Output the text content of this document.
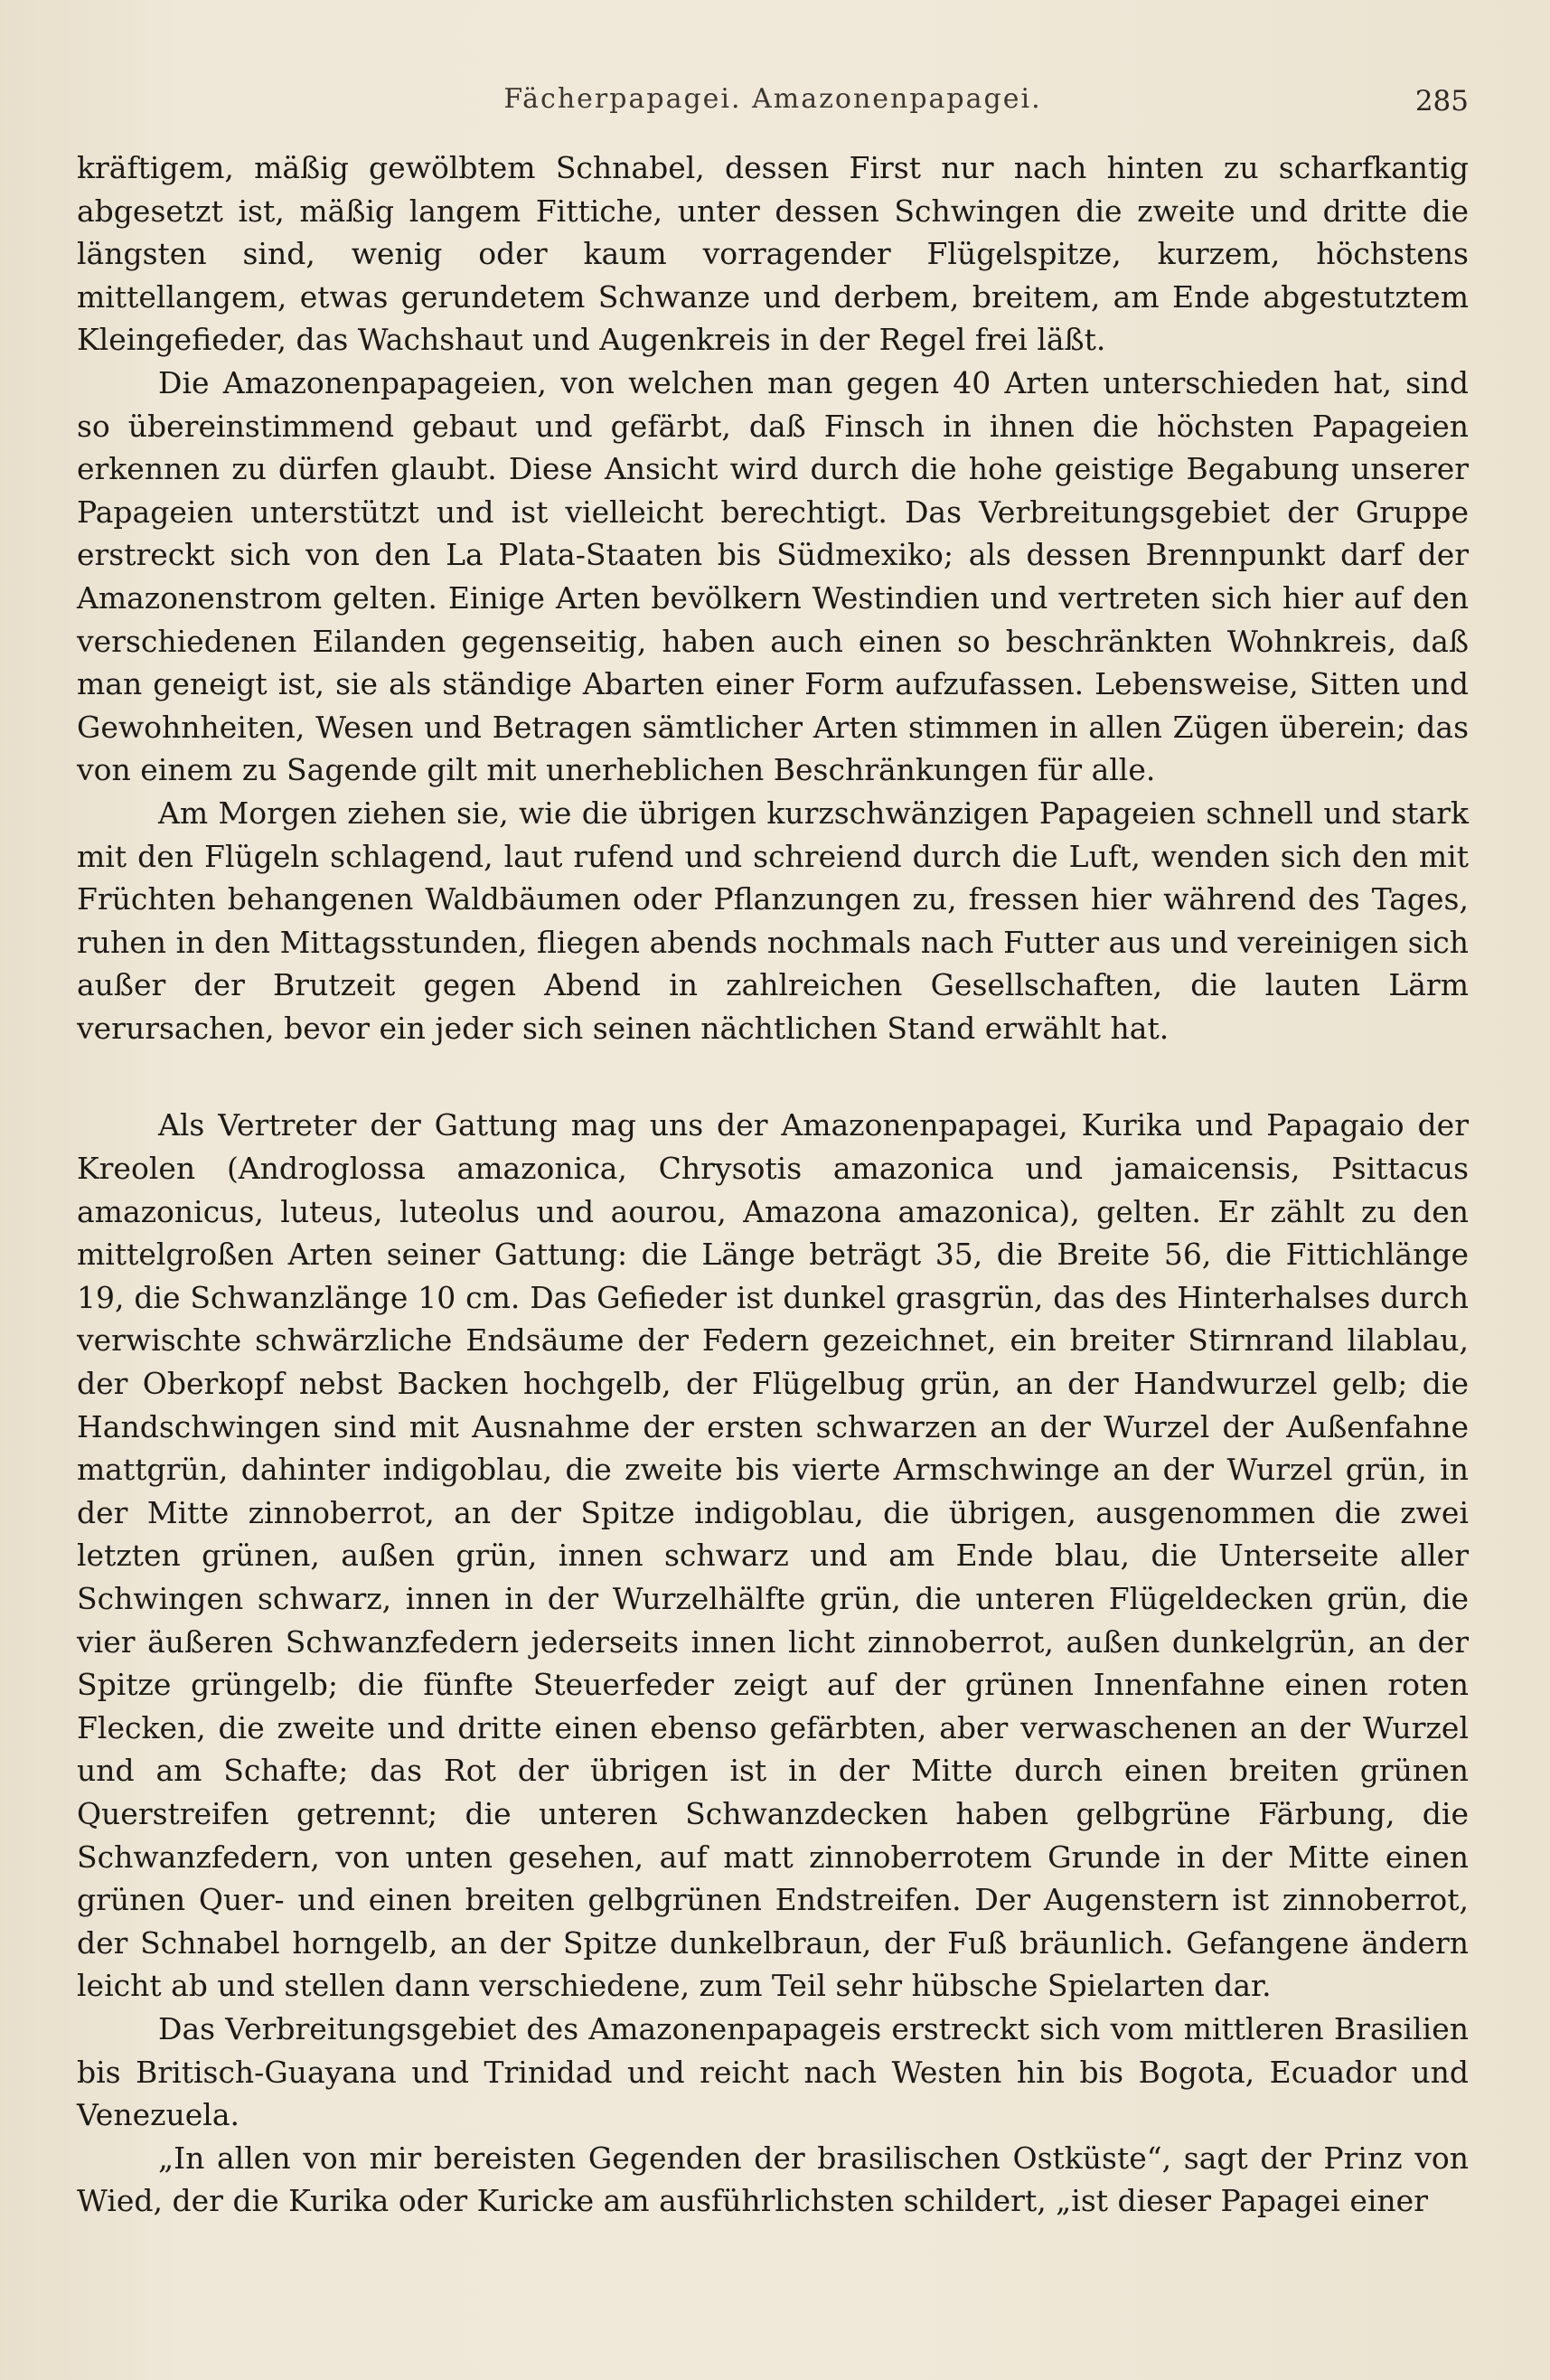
Fächerpapagei. Amazonenpapagei.	285

kräftigem, mäßig gewölbtem Schnabel, dessen First nur nach hinten zu scharfkantig abgesetzt ist, mäßig langem Fittiche, unter dessen Schwingen die zweite und dritte die längsten sind, wenig oder kaum vorragender Flügelspitze, kurzem, höchstens mittellangem, etwas gerundetem Schwanze und derbem, breitem, am Ende abgestutztem Kleingefieder, das Wachshaut und Augenkreis in der Regel frei läßt.

Die Amazonenpapageien, von welchen man gegen 40 Arten unterschieden hat, sind so übereinstimmend gebaut und gefärbt, daß Finsch in ihnen die höchsten Papageien erkennen zu dürfen glaubt. Diese Ansicht wird durch die hohe geistige Begabung unserer Papageien unterstützt und ist vielleicht berechtigt. Das Verbreitungsgebiet der Gruppe erstreckt sich von den La Plata-Staaten bis Südmexiko; als dessen Brennpunkt darf der Amazonenstrom gelten. Einige Arten bevölkern Westindien und vertreten sich hier auf den verschiedenen Eilanden gegenseitig, haben auch einen so beschränkten Wohnkreis, daß man geneigt ist, sie als ständige Abarten einer Form aufzufassen. Lebensweise, Sitten und Gewohnheiten, Wesen und Betragen sämtlicher Arten stimmen in allen Zügen überein; das von einem zu Sagende gilt mit unerheblichen Beschränkungen für alle.

Am Morgen ziehen sie, wie die übrigen kurzschwänzigen Papageien schnell und stark mit den Flügeln schlagend, laut rufend und schreiend durch die Luft, wenden sich den mit Früchten behangenen Waldbäumen oder Pflanzungen zu, fressen hier während des Tages, ruhen in den Mittagsstunden, fliegen abends nochmals nach Futter aus und vereinigen sich außer der Brutzeit gegen Abend in zahlreichen Gesellschaften, die lauten Lärm verursachen, bevor ein jeder sich seinen nächtlichen Stand erwählt hat.

Als Vertreter der Gattung mag uns der Amazonenpapagei, Kurika und Papagaio der Kreolen (Androglossa amazonica, Chrysotis amazonica und jamaicensis, Psittacus amazonicus, luteus, luteolus und aourou, Amazona amazonica), gelten. Er zählt zu den mittelgroßen Arten seiner Gattung: die Länge beträgt 35, die Breite 56, die Fittichlänge 19, die Schwanzlänge 10 cm. Das Gefieder ist dunkel grasgrün, das des Hinterhalses durch verwischte schwärzliche Endsäume der Federn gezeichnet, ein breiter Stirnrand lilablau, der Oberkopf nebst Backen hochgelb, der Flügelbug grün, an der Handwurzel gelb; die Handschwingen sind mit Ausnahme der ersten schwarzen an der Wurzel der Außenfahne mattgrün, dahinter indigoblau, die zweite bis vierte Armschwinge an der Wurzel grün, in der Mitte zinnoberrot, an der Spitze indigoblau, die übrigen, ausgenommen die zwei letzten grünen, außen grün, innen schwarz und am Ende blau, die Unterseite aller Schwingen schwarz, innen in der Wurzelhälfte grün, die unteren Flügeldecken grün, die vier äußeren Schwanzfedern jederseits innen licht zinnoberrot, außen dunkelgrün, an der Spitze grüngelb; die fünfte Steuerfeder zeigt auf der grünen Innenfahne einen roten Flecken, die zweite und dritte einen ebenso gefärbten, aber verwaschenen an der Wurzel und am Schafte; das Rot der übrigen ist in der Mitte durch einen breiten grünen Querstreifen getrennt; die unteren Schwanzdecken haben gelbgrüne Färbung, die Schwanzfedern, von unten gesehen, auf matt zinnoberrotem Grunde in der Mitte einen grünen Quer- und einen breiten gelbgrünen Endstreifen. Der Augenstern ist zinnoberrot, der Schnabel horngelb, an der Spitze dunkelbraun, der Fuß bräunlich. Gefangene ändern leicht ab und stellen dann verschiedene, zum Teil sehr hübsche Spielarten dar.

Das Verbreitungsgebiet des Amazonenpapageis erstreckt sich vom mittleren Brasilien bis Britisch-Guayana und Trinidad und reicht nach Westen hin bis Bogota, Ecuador und Venezuela.

„In allen von mir bereisten Gegenden der brasilischen Ostküste“, sagt der Prinz von Wied, der die Kurika oder Kuricke am ausführlichsten schildert, „ist dieser Papagei einer
